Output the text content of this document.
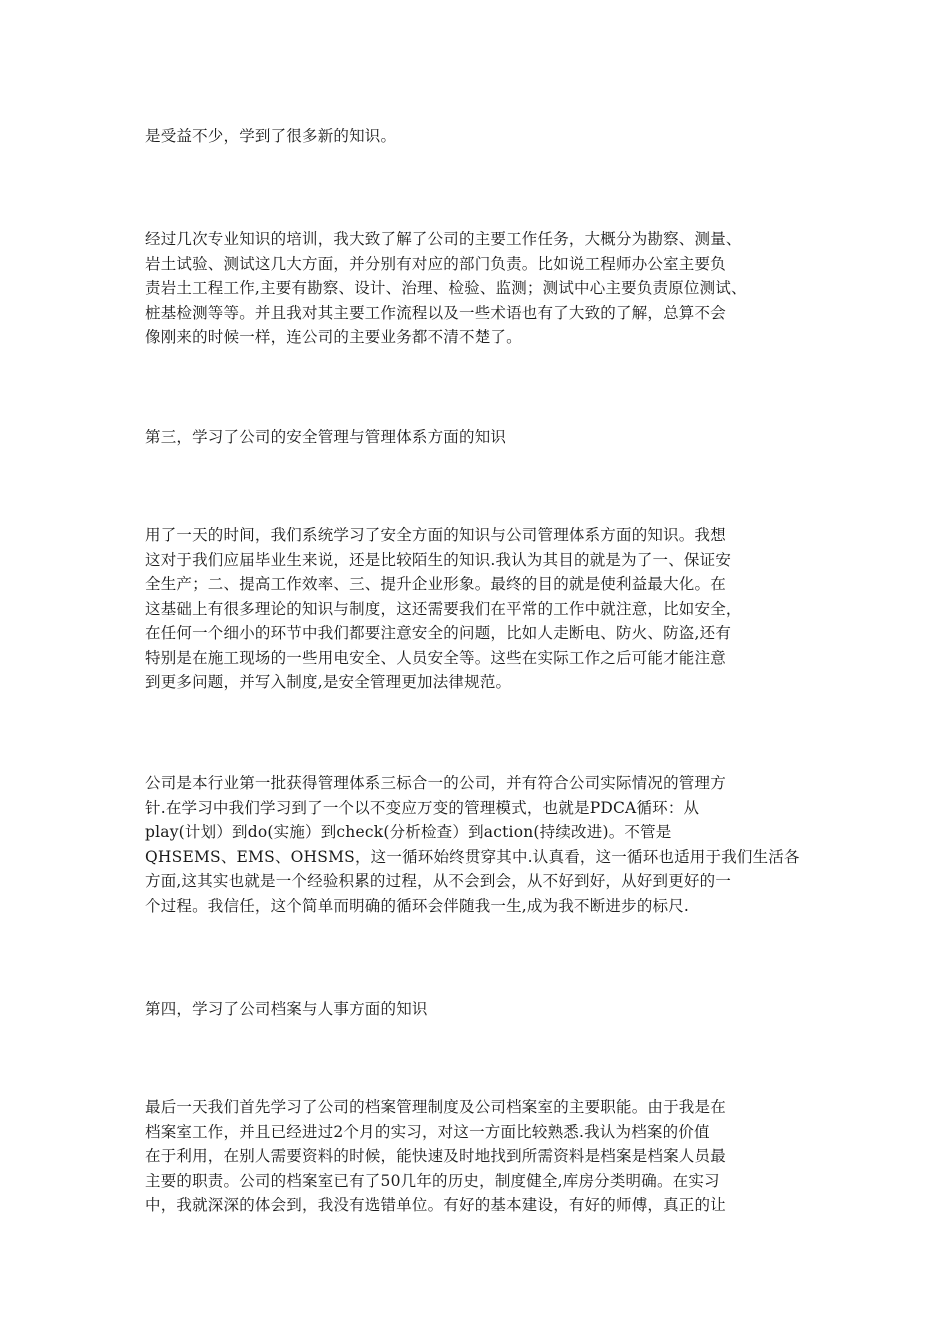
是受益不少，学到了很多新的知识。

经过几次专业知识的培训，我大致了解了公司的主要工作任务，大概分为勘察、测量、
岩土试验、测试这几大方面，并分别有对应的部门负责。比如说工程师办公室主要负
责岩土工程工作,主要有勘察、设计、治理、检验、监测；测试中心主要负责原位测试、
桩基检测等等。并且我对其主要工作流程以及一些术语也有了大致的了解，总算不会
像刚来的时候一样，连公司的主要业务都不清不楚了。

第三，学习了公司的安全管理与管理体系方面的知识

用了一天的时间，我们系统学习了安全方面的知识与公司管理体系方面的知识。我想
这对于我们应届毕业生来说，还是比较陌生的知识.我认为其目的就是为了一、保证安
全生产；二、提高工作效率、三、提升企业形象。最终的目的就是使利益最大化。在
这基础上有很多理论的知识与制度，这还需要我们在平常的工作中就注意，比如安全，
在任何一个细小的环节中我们都要注意安全的问题，比如人走断电、防火、防盗,还有
特别是在施工现场的一些用电安全、人员安全等。这些在实际工作之后可能才能注意
到更多问题，并写入制度,是安全管理更加法律规范。

公司是本行业第一批获得管理体系三标合一的公司，并有符合公司实际情况的管理方
针.在学习中我们学习到了一个以不变应万变的管理模式，也就是PDCA循环：从
play(计划）到do(实施）到check(分析检查）到action(持续改进)。不管是
QHSEMS、EMS、OHSMS，这一循环始终贯穿其中.认真看，这一循环也适用于我们生活各
方面,这其实也就是一个经验积累的过程，从不会到会，从不好到好，从好到更好的一
个过程。我信任，这个简单而明确的循环会伴随我一生,成为我不断进步的标尺.

第四，学习了公司档案与人事方面的知识

最后一天我们首先学习了公司的档案管理制度及公司档案室的主要职能。由于我是在
档案室工作，并且已经进过2个月的实习，对这一方面比较熟悉.我认为档案的价值
在于利用，在别人需要资料的时候，能快速及时地找到所需资料是档案是档案人员最
主要的职责。公司的档案室已有了50几年的历史，制度健全,库房分类明确。在实习
中，我就深深的体会到，我没有选错单位。有好的基本建设，有好的师傅，真正的让
